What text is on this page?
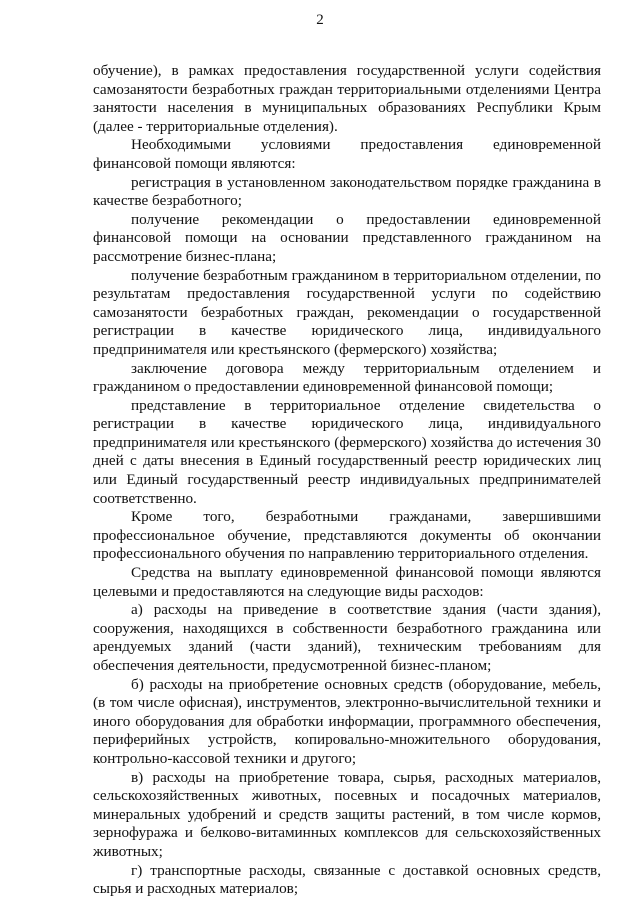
2

обучение), в рамках предоставления государственной услуги содействия самозанятости безработных граждан территориальными отделениями Центра занятости населения в муниципальных образованиях Республики Крым (далее - территориальные отделения).

Необходимыми условиями предоставления единовременной финансовой помощи являются:

регистрация в установленном законодательством порядке гражданина в качестве безработного;

получение рекомендации о предоставлении единовременной финансовой помощи на основании представленного гражданином на рассмотрение бизнес-плана;

получение безработным гражданином в территориальном отделении, по результатам предоставления государственной услуги по содействию самозанятости безработных граждан, рекомендации о государственной регистрации в качестве юридического лица, индивидуального предпринимателя или крестьянского (фермерского) хозяйства;

заключение договора между территориальным отделением и гражданином о предоставлении единовременной финансовой помощи;

представление в территориальное отделение свидетельства о регистрации в качестве юридического лица, индивидуального предпринимателя или крестьянского (фермерского) хозяйства до истечения 30 дней с даты внесения в Единый государственный реестр юридических лиц или Единый государственный реестр индивидуальных предпринимателей соответственно.

Кроме того, безработными гражданами, завершившими профессиональное обучение, представляются документы об окончании профессионального обучения по направлению территориального отделения.

Средства на выплату единовременной финансовой помощи являются целевыми и предоставляются на следующие виды расходов:

а) расходы на приведение в соответствие здания (части здания), сооружения, находящихся в собственности безработного гражданина или арендуемых зданий (части зданий), техническим требованиям для обеспечения деятельности, предусмотренной бизнес-планом;

б) расходы на приобретение основных средств (оборудование, мебель, (в том числе офисная), инструментов, электронно-вычислительной техники и иного оборудования для обработки информации, программного обеспечения, периферийных устройств, копировально-множительного оборудования, контрольно-кассовой техники и другого;

в) расходы на приобретение товара, сырья, расходных материалов, сельскохозяйственных животных, посевных и посадочных материалов, минеральных удобрений и средств защиты растений, в том числе кормов, зернофуража и белково-витаминных комплексов для сельскохозяйственных животных;

г) транспортные расходы, связанные с доставкой основных средств, сырья и расходных материалов;
